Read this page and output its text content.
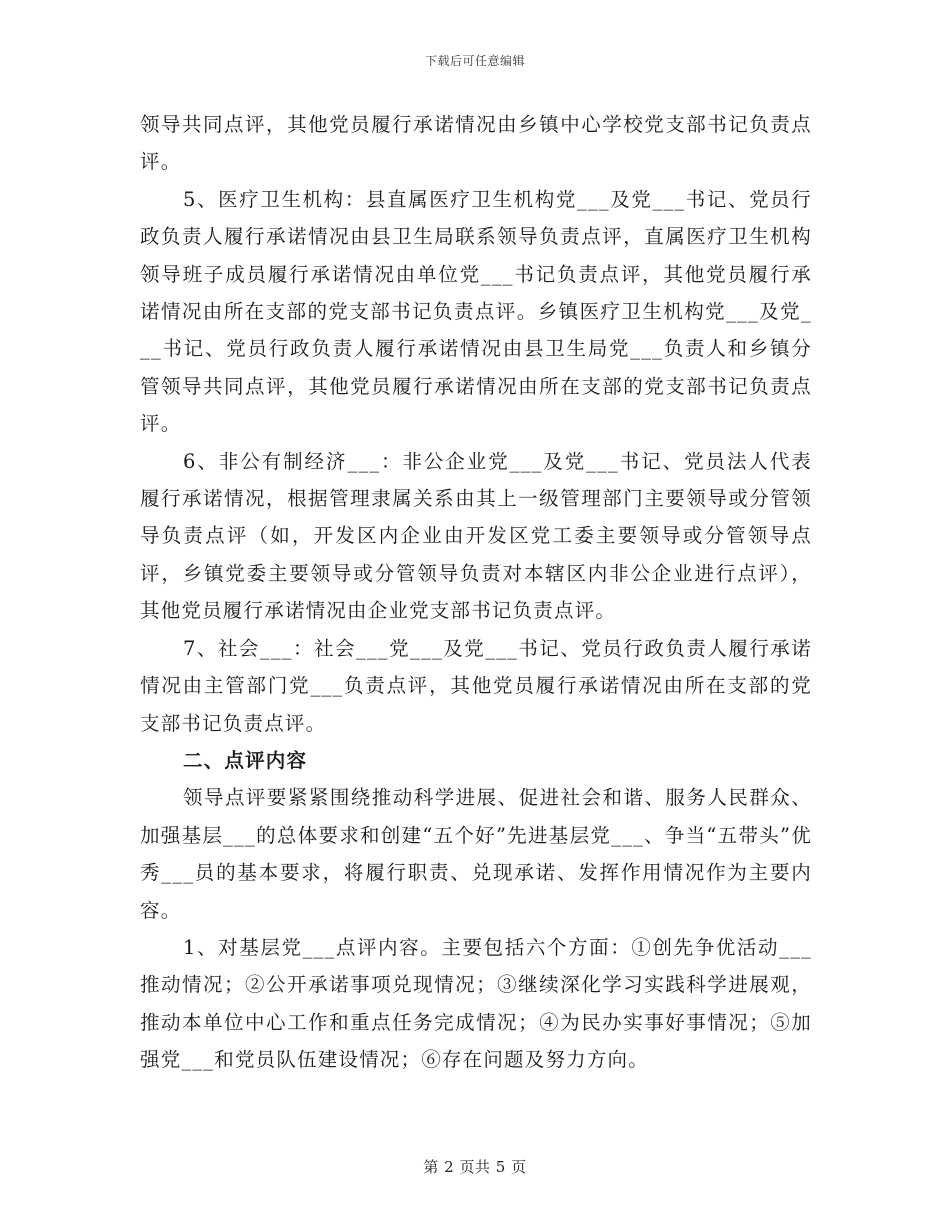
下载后可任意编辑

领导共同点评，其他党员履行承诺情况由乡镇中心学校党支部书记负责点评。

5、医疗卫生机构：县直属医疗卫生机构党___及党___书记、党员行政负责人履行承诺情况由县卫生局联系领导负责点评，直属医疗卫生机构领导班子成员履行承诺情况由单位党___书记负责点评，其他党员履行承诺情况由所在支部的党支部书记负责点评。乡镇医疗卫生机构党___及党___书记、党员行政负责人履行承诺情况由县卫生局党___负责人和乡镇分管领导共同点评，其他党员履行承诺情况由所在支部的党支部书记负责点评。

6、非公有制经济___：非公企业党___及党___书记、党员法人代表履行承诺情况，根据管理隶属关系由其上一级管理部门主要领导或分管领导负责点评（如，开发区内企业由开发区党工委主要领导或分管领导点评，乡镇党委主要领导或分管领导负责对本辖区内非公企业进行点评），其他党员履行承诺情况由企业党支部书记负责点评。

7、社会___：社会___党___及党___书记、党员行政负责人履行承诺情况由主管部门党___负责点评，其他党员履行承诺情况由所在支部的党支部书记负责点评。

二、点评内容

领导点评要紧紧围绕推动科学进展、促进社会和谐、服务人民群众、加强基层___的总体要求和创建“五个好”先进基层党___、争当“五带头”优秀___员的基本要求，将履行职责、兑现承诺、发挥作用情况作为主要内容。

1、对基层党___点评内容。主要包括六个方面：①创先争优活动___推动情况；②公开承诺事项兑现情况；③继续深化学习实践科学进展观，推动本单位中心工作和重点任务完成情况；④为民办实事好事情况；⑤加强党___和党员队伍建设情况；⑥存在问题及努力方向。

第 2 页共 5 页
